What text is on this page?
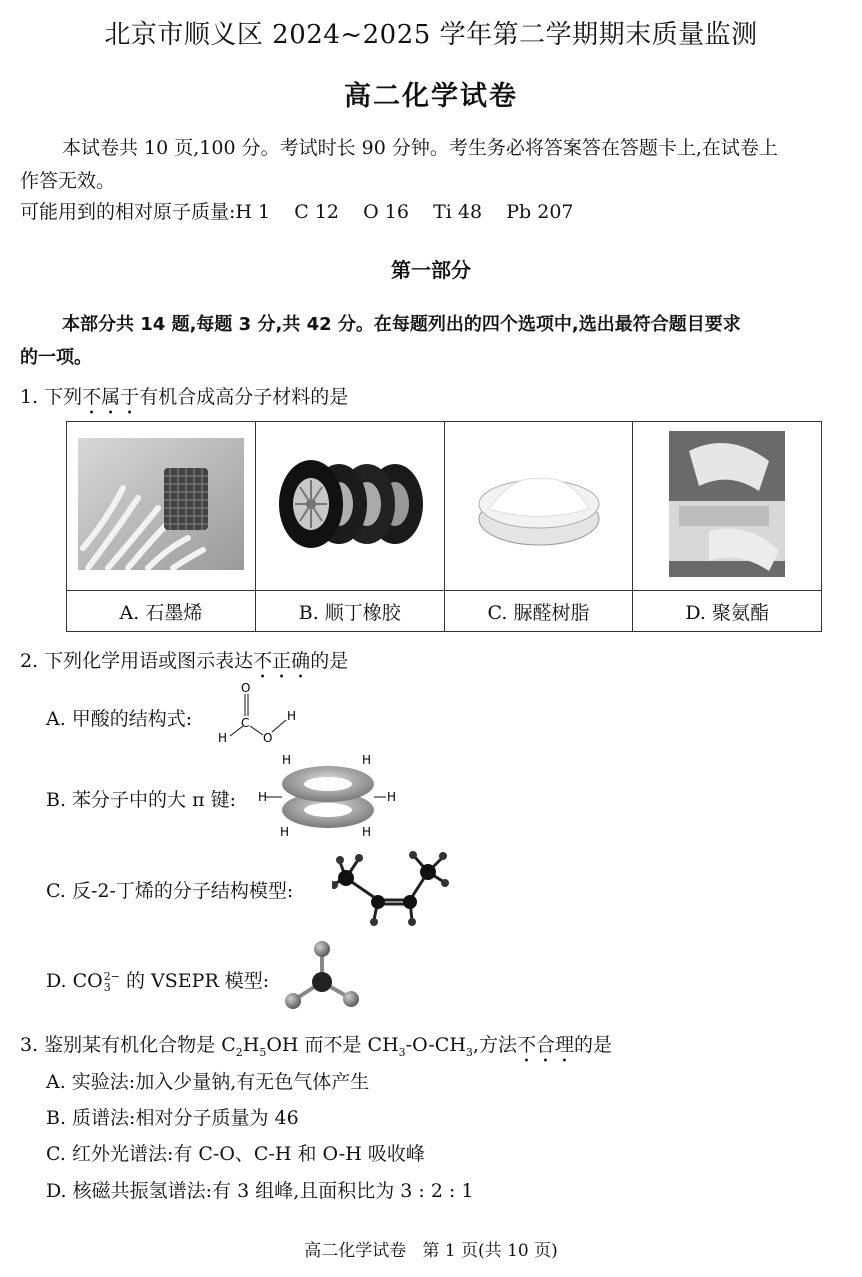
北京市顺义区 2024~2025 学年第二学期期末质量监测
高二化学试卷
本试卷共 10 页,100 分。考试时长 90 分钟。考生务必将答案答在答题卡上,在试卷上
作答无效。
可能用到的相对原子质量:H 1    C 12    O 16    Ti 48    Pb 207
第一部分
本部分共 14 题,每题 3 分,共 42 分。在每题列出的四个选项中,选出最符合题目要求
的一项。
1. 下列不属于有机合成高分子材料的是

A. 石墨烯	B. 顺丁橡胶	C. 脲醛树脂	D. 聚氨酯
2. 下列化学用语或图示表达不正确的是
A. 甲酸的结构式:
O
C
H	O
H
B. 苯分子中的大 π 键: H	H
H	H
H	H
C. 反-2-丁烯的分子结构模型:
D. CO 2−
3 的 VSEPR 模型:
3. 鉴别某有机化合物是 $C_2H_5OH$ 而不是 $CH_3-O-CH_3$,方法不合理的是
A. 实验法:加入少量钠,有无色气体产生
B. 质谱法:相对分子质量为 46
C. 红外光谱法:有 C-O、C-H 和 O-H 吸收峰
D. 核磁共振氢谱法:有 3 组峰,且面积比为 3 : 2 : 1
高二化学试卷   第 1 页(共 10 页)
